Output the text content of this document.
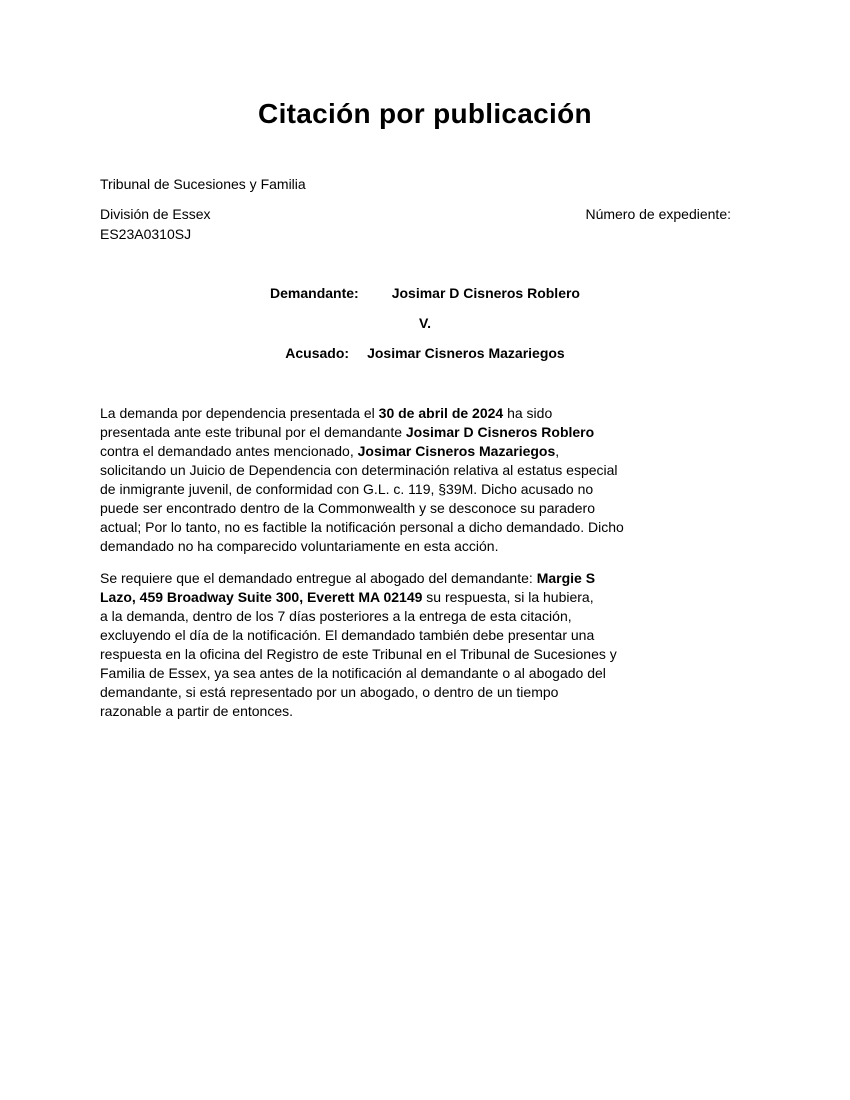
Citación por publicación
Tribunal de Sucesiones y Familia
División de Essex	Número de expediente:
ES23A0310SJ
Demandante: Josimar D Cisneros Roblero
V.
Acusado: Josimar Cisneros Mazariegos

La demanda por dependencia presentada el 30 de abril de 2024 ha sido
presentada ante este tribunal por el demandante Josimar D Cisneros Roblero
contra el demandado antes mencionado, Josimar Cisneros Mazariegos,
solicitando un Juicio de Dependencia con determinación relativa al estatus especial
de inmigrante juvenil, de conformidad con G.L. c. 119, §39M. Dicho acusado no
puede ser encontrado dentro de la Commonwealth y se desconoce su paradero
actual; Por lo tanto, no es factible la notificación personal a dicho demandado. Dicho
demandado no ha comparecido voluntariamente en esta acción.

Se requiere que el demandado entregue al abogado del demandante: Margie S
Lazo, 459 Broadway Suite 300, Everett MA 02149 su respuesta, si la hubiera,
a la demanda, dentro de los 7 días posteriores a la entrega de esta citación,
excluyendo el día de la notificación. El demandado también debe presentar una
respuesta en la oficina del Registro de este Tribunal en el Tribunal de Sucesiones y
Familia de Essex, ya sea antes de la notificación al demandante o al abogado del
demandante, si está representado por un abogado, o dentro de un tiempo
razonable a partir de entonces.
